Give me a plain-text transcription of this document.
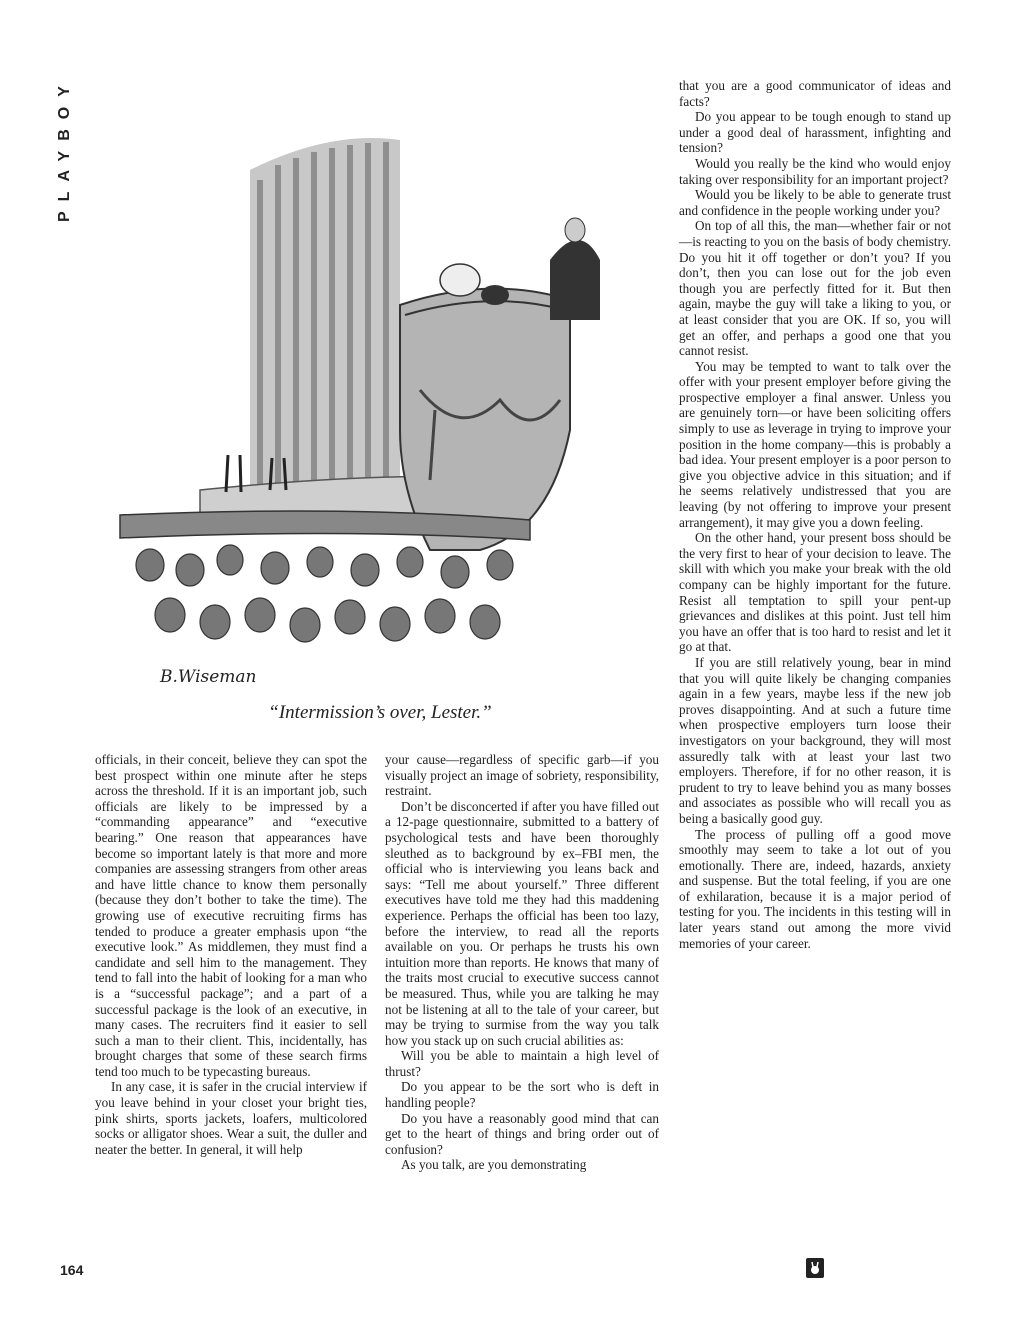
PLAYBOY
B.Wiseman
“Intermission’s over, Lester.”

officials, in their conceit, believe they can spot the best prospect within one minute after he steps across the threshold. If it is an important job, such officials are likely to be impressed by a “commanding appearance” and “executive bearing.” One reason that appearances have become so important lately is that more and more companies are assessing strangers from other areas and have little chance to know them personally (because they don’t bother to take the time). The growing use of executive recruiting firms has tended to produce a greater emphasis upon “the executive look.” As middlemen, they must find a candidate and sell him to the management. They tend to fall into the habit of looking for a man who is a “successful package”; and a part of a successful package is the look of an executive, in many cases. The recruiters find it easier to sell such a man to their client. This, incidentally, has brought charges that some of these search firms tend too much to be typecasting bureaus.

In any case, it is safer in the crucial interview if you leave behind in your closet your bright ties, pink shirts, sports jackets, loafers, multicolored socks or alligator shoes. Wear a suit, the duller and neater the better. In general, it will help

your cause—regardless of specific garb—if you visually project an image of sobriety, responsibility, restraint.

Don’t be disconcerted if after you have filled out a 12-page questionnaire, submitted to a battery of psychological tests and have been thoroughly sleuthed as to background by ex–FBI men, the official who is interviewing you leans back and says: “Tell me about yourself.” Three different executives have told me they had this maddening experience. Perhaps the official has been too lazy, before the interview, to read all the reports available on you. Or perhaps he trusts his own intuition more than reports. He knows that many of the traits most crucial to executive success cannot be measured. Thus, while you are talking he may not be listening at all to the tale of your career, but may be trying to surmise from the way you talk how you stack up on such crucial abilities as:

Will you be able to maintain a high level of thrust?

Do you appear to be the sort who is deft in handling people?

Do you have a reasonably good mind that can get to the heart of things and bring order out of confusion?

As you talk, are you demonstrating

that you are a good communicator of ideas and facts?

Do you appear to be tough enough to stand up under a good deal of harassment, infighting and tension?

Would you really be the kind who would enjoy taking over responsibility for an important project?

Would you be likely to be able to generate trust and confidence in the people working under you?

On top of all this, the man—whether fair or not—is reacting to you on the basis of body chemistry. Do you hit it off together or don’t you? If you don’t, then you can lose out for the job even though you are perfectly fitted for it. But then again, maybe the guy will take a liking to you, or at least consider that you are OK. If so, you will get an offer, and perhaps a good one that you cannot resist.

You may be tempted to want to talk over the offer with your present employer before giving the prospective employer a final answer. Unless you are genuinely torn—or have been soliciting offers simply to use as leverage in trying to improve your position in the home company—this is probably a bad idea. Your present employer is a poor person to give you objective advice in this situation; and if he seems relatively undistressed that you are leaving (by not offering to improve your present arrangement), it may give you a down feeling.

On the other hand, your present boss should be the very first to hear of your decision to leave. The skill with which you make your break with the old company can be highly important for the future. Resist all temptation to spill your pent-up grievances and dislikes at this point. Just tell him you have an offer that is too hard to resist and let it go at that.

If you are still relatively young, bear in mind that you will quite likely be changing companies again in a few years, maybe less if the new job proves disappointing. And at such a future time when prospective employers turn loose their investigators on your background, they will most assuredly talk with at least your last two employers. Therefore, if for no other reason, it is prudent to try to leave behind you as many bosses and associates as possible who will recall you as being a basically good guy.

The process of pulling off a good move smoothly may seem to take a lot out of you emotionally. There are, indeed, hazards, anxiety and suspense. But the total feeling, if you are one of exhilaration, because it is a major period of testing for you. The incidents in this testing will in later years stand out among the more vivid memories of your career.

164
